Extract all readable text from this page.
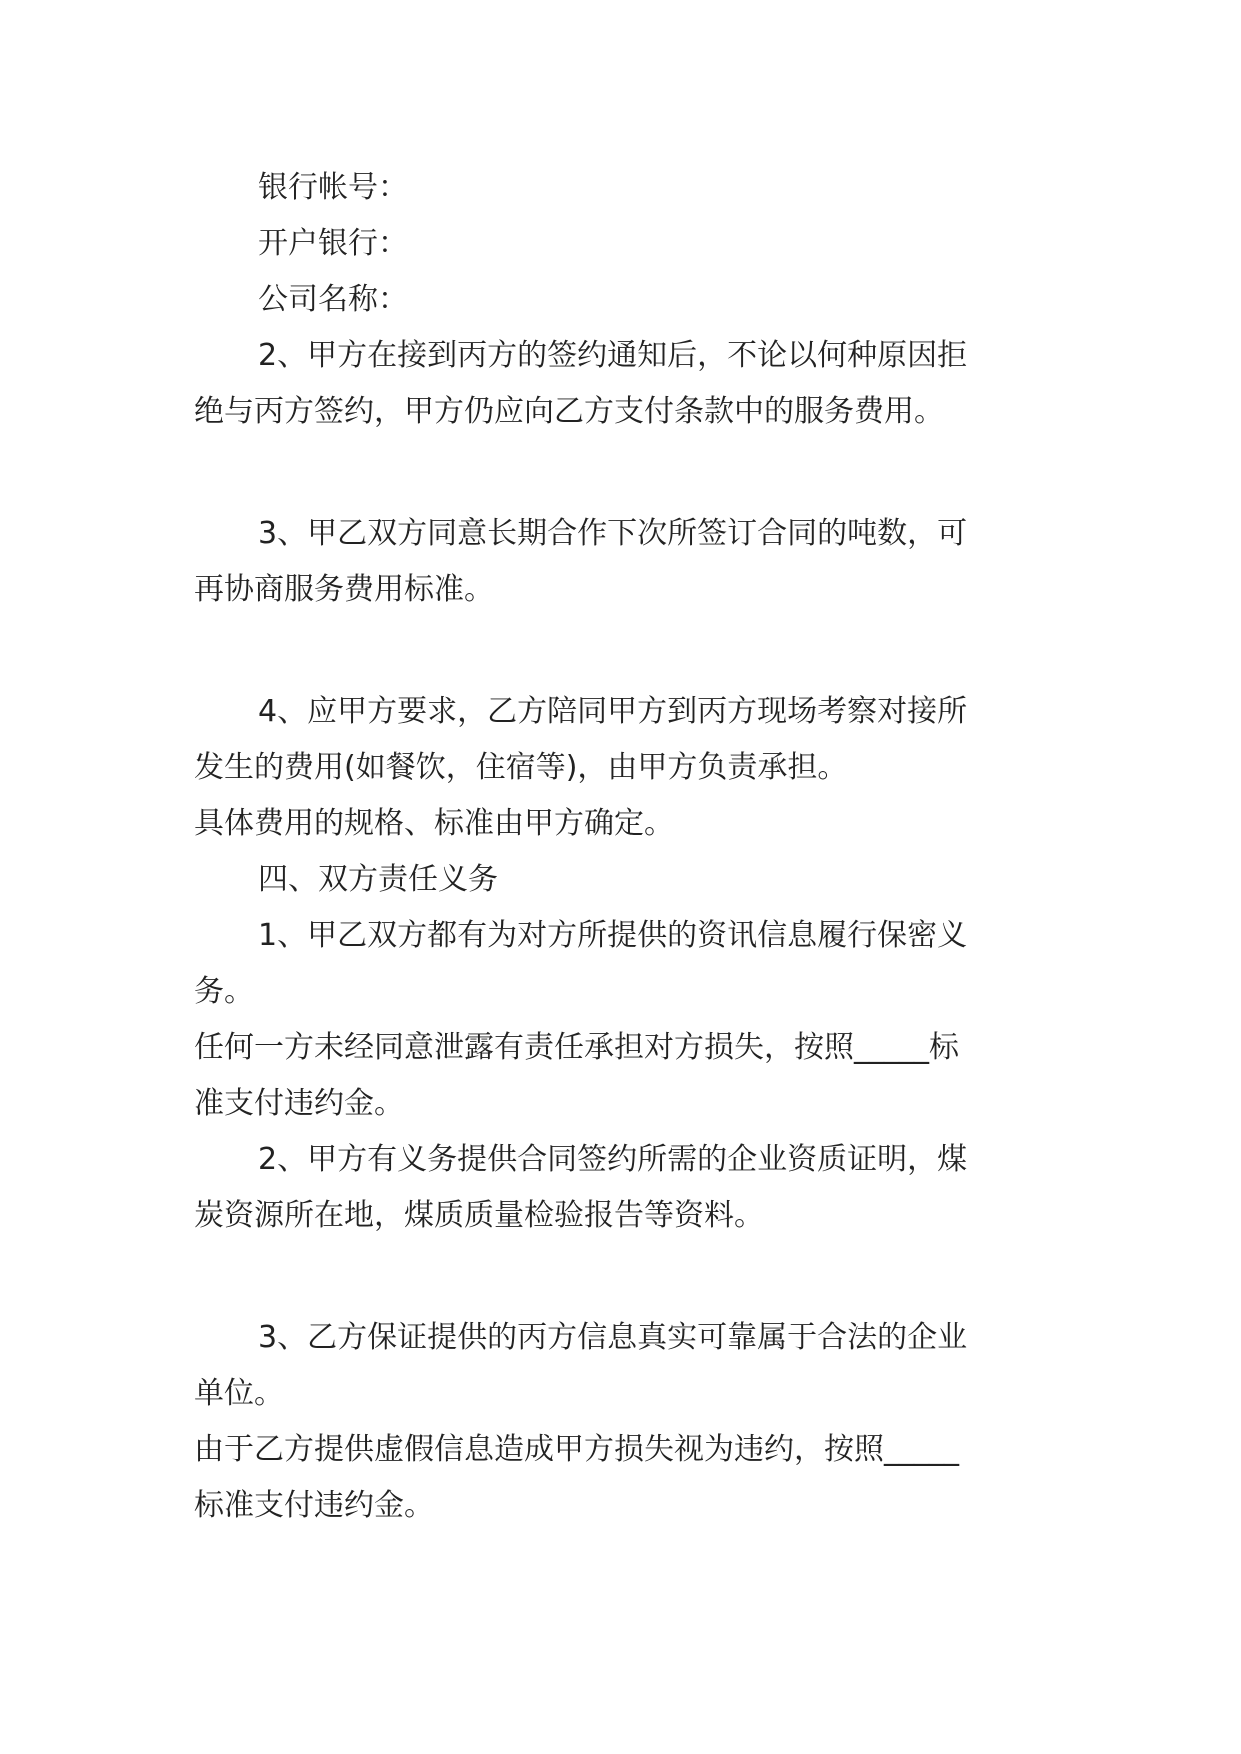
银行帐号：
开户银行：
公司名称：
2、甲方在接到丙方的签约通知后，不论以何种原因拒
绝与丙方签约，甲方仍应向乙方支付条款中的服务费用。
3、甲乙双方同意长期合作下次所签订合同的吨数，可
再协商服务费用标准。
4、应甲方要求，乙方陪同甲方到丙方现场考察对接所
发生的费用(如餐饮，住宿等)，由甲方负责承担。
具体费用的规格、标准由甲方确定。
四、双方责任义务
1、甲乙双方都有为对方所提供的资讯信息履行保密义
务。
任何一方未经同意泄露有责任承担对方损失，按照_____标
准支付违约金。
2、甲方有义务提供合同签约所需的企业资质证明，煤
炭资源所在地，煤质质量检验报告等资料。
3、乙方保证提供的丙方信息真实可靠属于合法的企业
单位。
由于乙方提供虚假信息造成甲方损失视为违约，按照_____
标准支付违约金。
